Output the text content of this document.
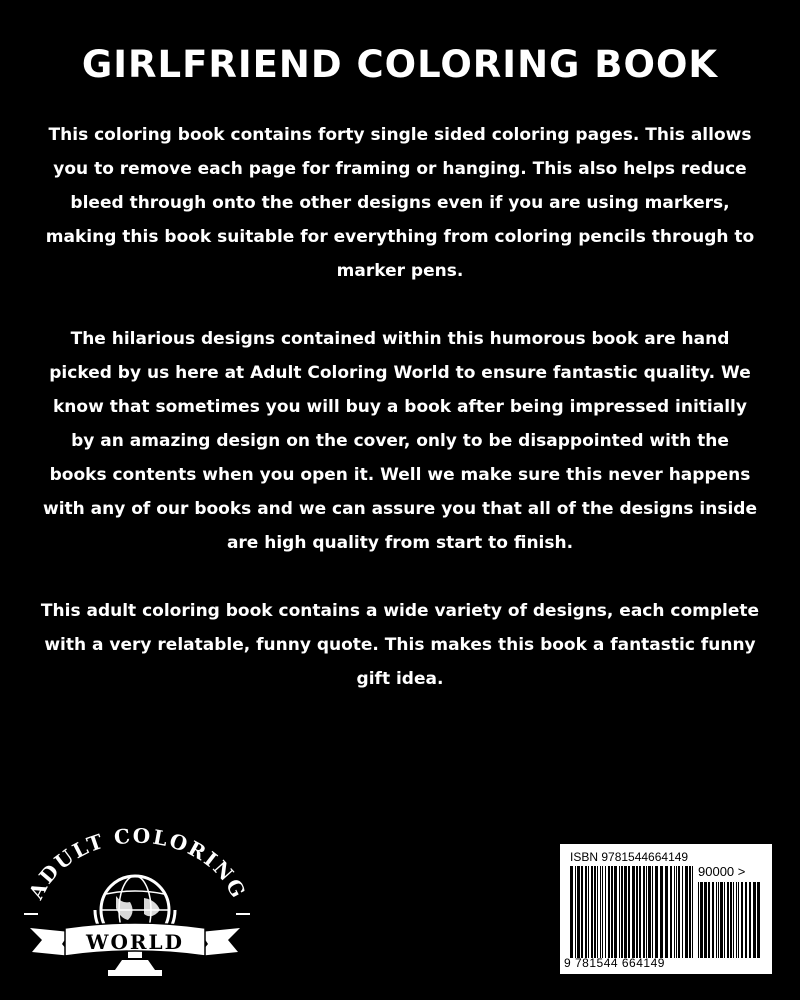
GIRLFRIEND COLORING BOOK

This coloring book contains forty single sided coloring pages. This allows you to remove each page for framing or hanging. This also helps reduce bleed through onto the other designs even if you are using markers, making this book suitable for everything from coloring pencils through to marker pens.

The hilarious designs contained within this humorous book are hand picked by us here at Adult Coloring World to ensure fantastic quality. We know that sometimes you will buy a book after being impressed initially by an amazing design on the cover, only to be disappointed with the books contents when you open it. Well we make sure this never happens with any of our books and we can assure you that all of the designs inside are high quality from start to finish.

This adult coloring book contains a wide variety of designs, each complete with a very relatable, funny quote. This makes this book a fantastic funny gift idea.

ADULT COLORING
WORLD
ISBN 9781544664149
90000 >
9 781544 664149
